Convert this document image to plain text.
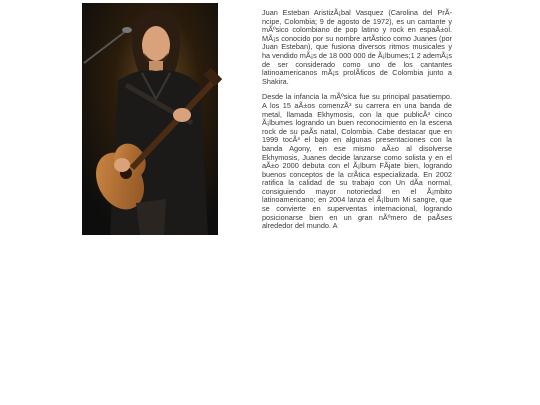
Juan Esteban AristizÃ¡bal Vasquez (Carolina del PrÃncipe, Colombia; 9 de agosto de 1972), es un cantante y mÃºsico colombiano de pop latino y rock en espaÃ±ol. MÃ¡s conocido por su nombre artÃstico como Juanes (por Juan Esteban), que fusiona diversos ritmos musicales y ha vendido mÃ¡s de 18 000 000 de Ã¡lbumes;1 2 ademÃ¡s de ser considerado como uno de los cantantes latinoamericanos mÃ¡s prolÃficos de Colombia junto a Shakira.

Desde la infancia la mÃºsica fue su principal pasatiempo. A los 15 aÃ±os comenzÃ³ su carrera en una banda de metal, llamada Ekhymosis, con la que publicÃ³ cinco Ã¡lbumes logrando un buen reconocimiento en la escena rock de su paÃs natal, Colombia. Cabe destacar que en 1999 tocÃ³ el bajo en algunas presentaciones con la banda Agony, en ese mismo aÃ±o al disolverse Ekhymosis, Juanes decide lanzarse como solista y en el aÃ±o 2000 debuta con el Ã¡lbum FÃjate bien, logrando buenos conceptos de la crÃtica especializada. En 2002 ratifica la calidad de su trabajo con Un dÃa normal, consiguiendo mayor notoriedad en el Ã¡mbito latinoamericano; en 2004 lanza el Ã¡lbum Mi sangre, que se convierte en superventas internacional, logrando posicionarse bien en un gran nÃºmero de paÃses alrededor del mundo. A
